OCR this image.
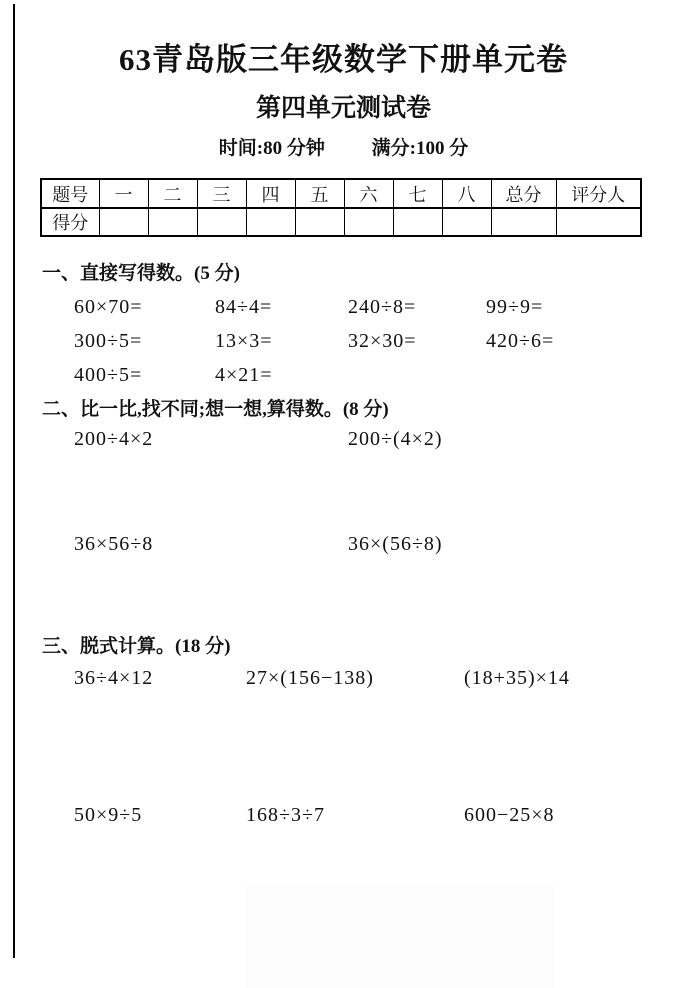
63青岛版三年级数学下册单元卷
第四单元测试卷
时间:80 分钟 满分:100 分
题号	一	二	三	四	五	六	七	八	总分	评分人
得分										
一、直接写得数。(5 分)
60×70=	84÷4=	240÷8=	99÷9=
300÷5=	13×3=	32×30=	420÷6=
400÷5=	4×21=
二、比一比,找不同;想一想,算得数。(8 分)
200÷4×2	200÷(4×2)
36×56÷8	36×(56÷8)
三、脱式计算。(18 分)
36÷4×12	27×(156−138)	(18+35)×14
50×9÷5	168÷3÷7	600−25×8
